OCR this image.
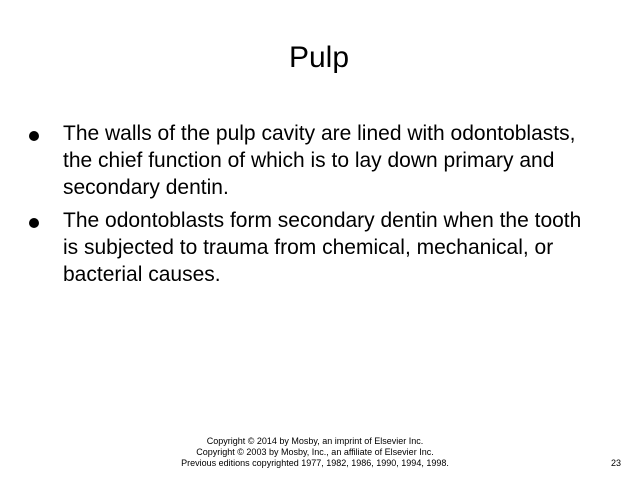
Pulp
The walls of the pulp cavity are lined with odontoblasts, the chief function of which is to lay down primary and secondary dentin.
The odontoblasts form secondary dentin when the tooth is subjected to trauma from chemical, mechanical, or bacterial causes.
Copyright © 2014 by Mosby, an imprint of Elsevier Inc.
Copyright © 2003 by Mosby, Inc., an affiliate of Elsevier Inc.
Previous editions copyrighted 1977, 1982, 1986, 1990, 1994, 1998.	23
